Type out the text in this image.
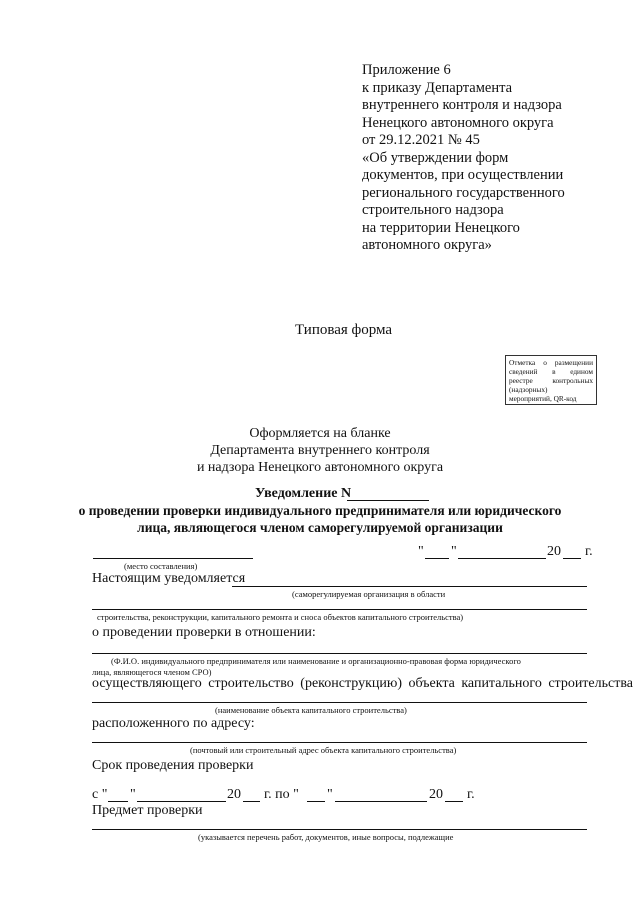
Приложение 6
к приказу Департамента
внутреннего контроля и надзора
Ненецкого автономного округа
от 29.12.2021 № 45
«Об утверждении форм
документов, при осуществлении
регионального государственного
строительного надзора
на территории Ненецкого
автономного округа»
Типовая форма
Отметка о размещении
сведений в едином
реестре контрольных
(надзорных)
мероприятий, QR-код
Оформляется на бланке
Департамента внутреннего контроля
и надзора Ненецкого автономного округа
Уведомление N
о проведении проверки индивидуального предпринимателя или юридического
лица, являющегося членом саморегулируемой организации
(место составления)
" "	20 г.
Настоящим уведомляется
(саморегулируемая организация в области
строительства, реконструкции, капитального ремонта и сноса объектов капитального строительства)
о проведении проверки в отношении:
(Ф.И.О. индивидуального предпринимателя или наименование и организационно-правовая форма юридического
лица, являющегося членом СРО)
осуществляющего строительство (реконструкцию) объекта капитального строительства
(наименование объекта капитального строительства)
расположенного по адресу:
(почтовый или строительный адрес объекта капитального строительства)
Срок проведения проверки
с " "	20 г. по " "	20 г.
Предмет проверки
(указывается перечень работ, документов, иные вопросы, подлежащие
